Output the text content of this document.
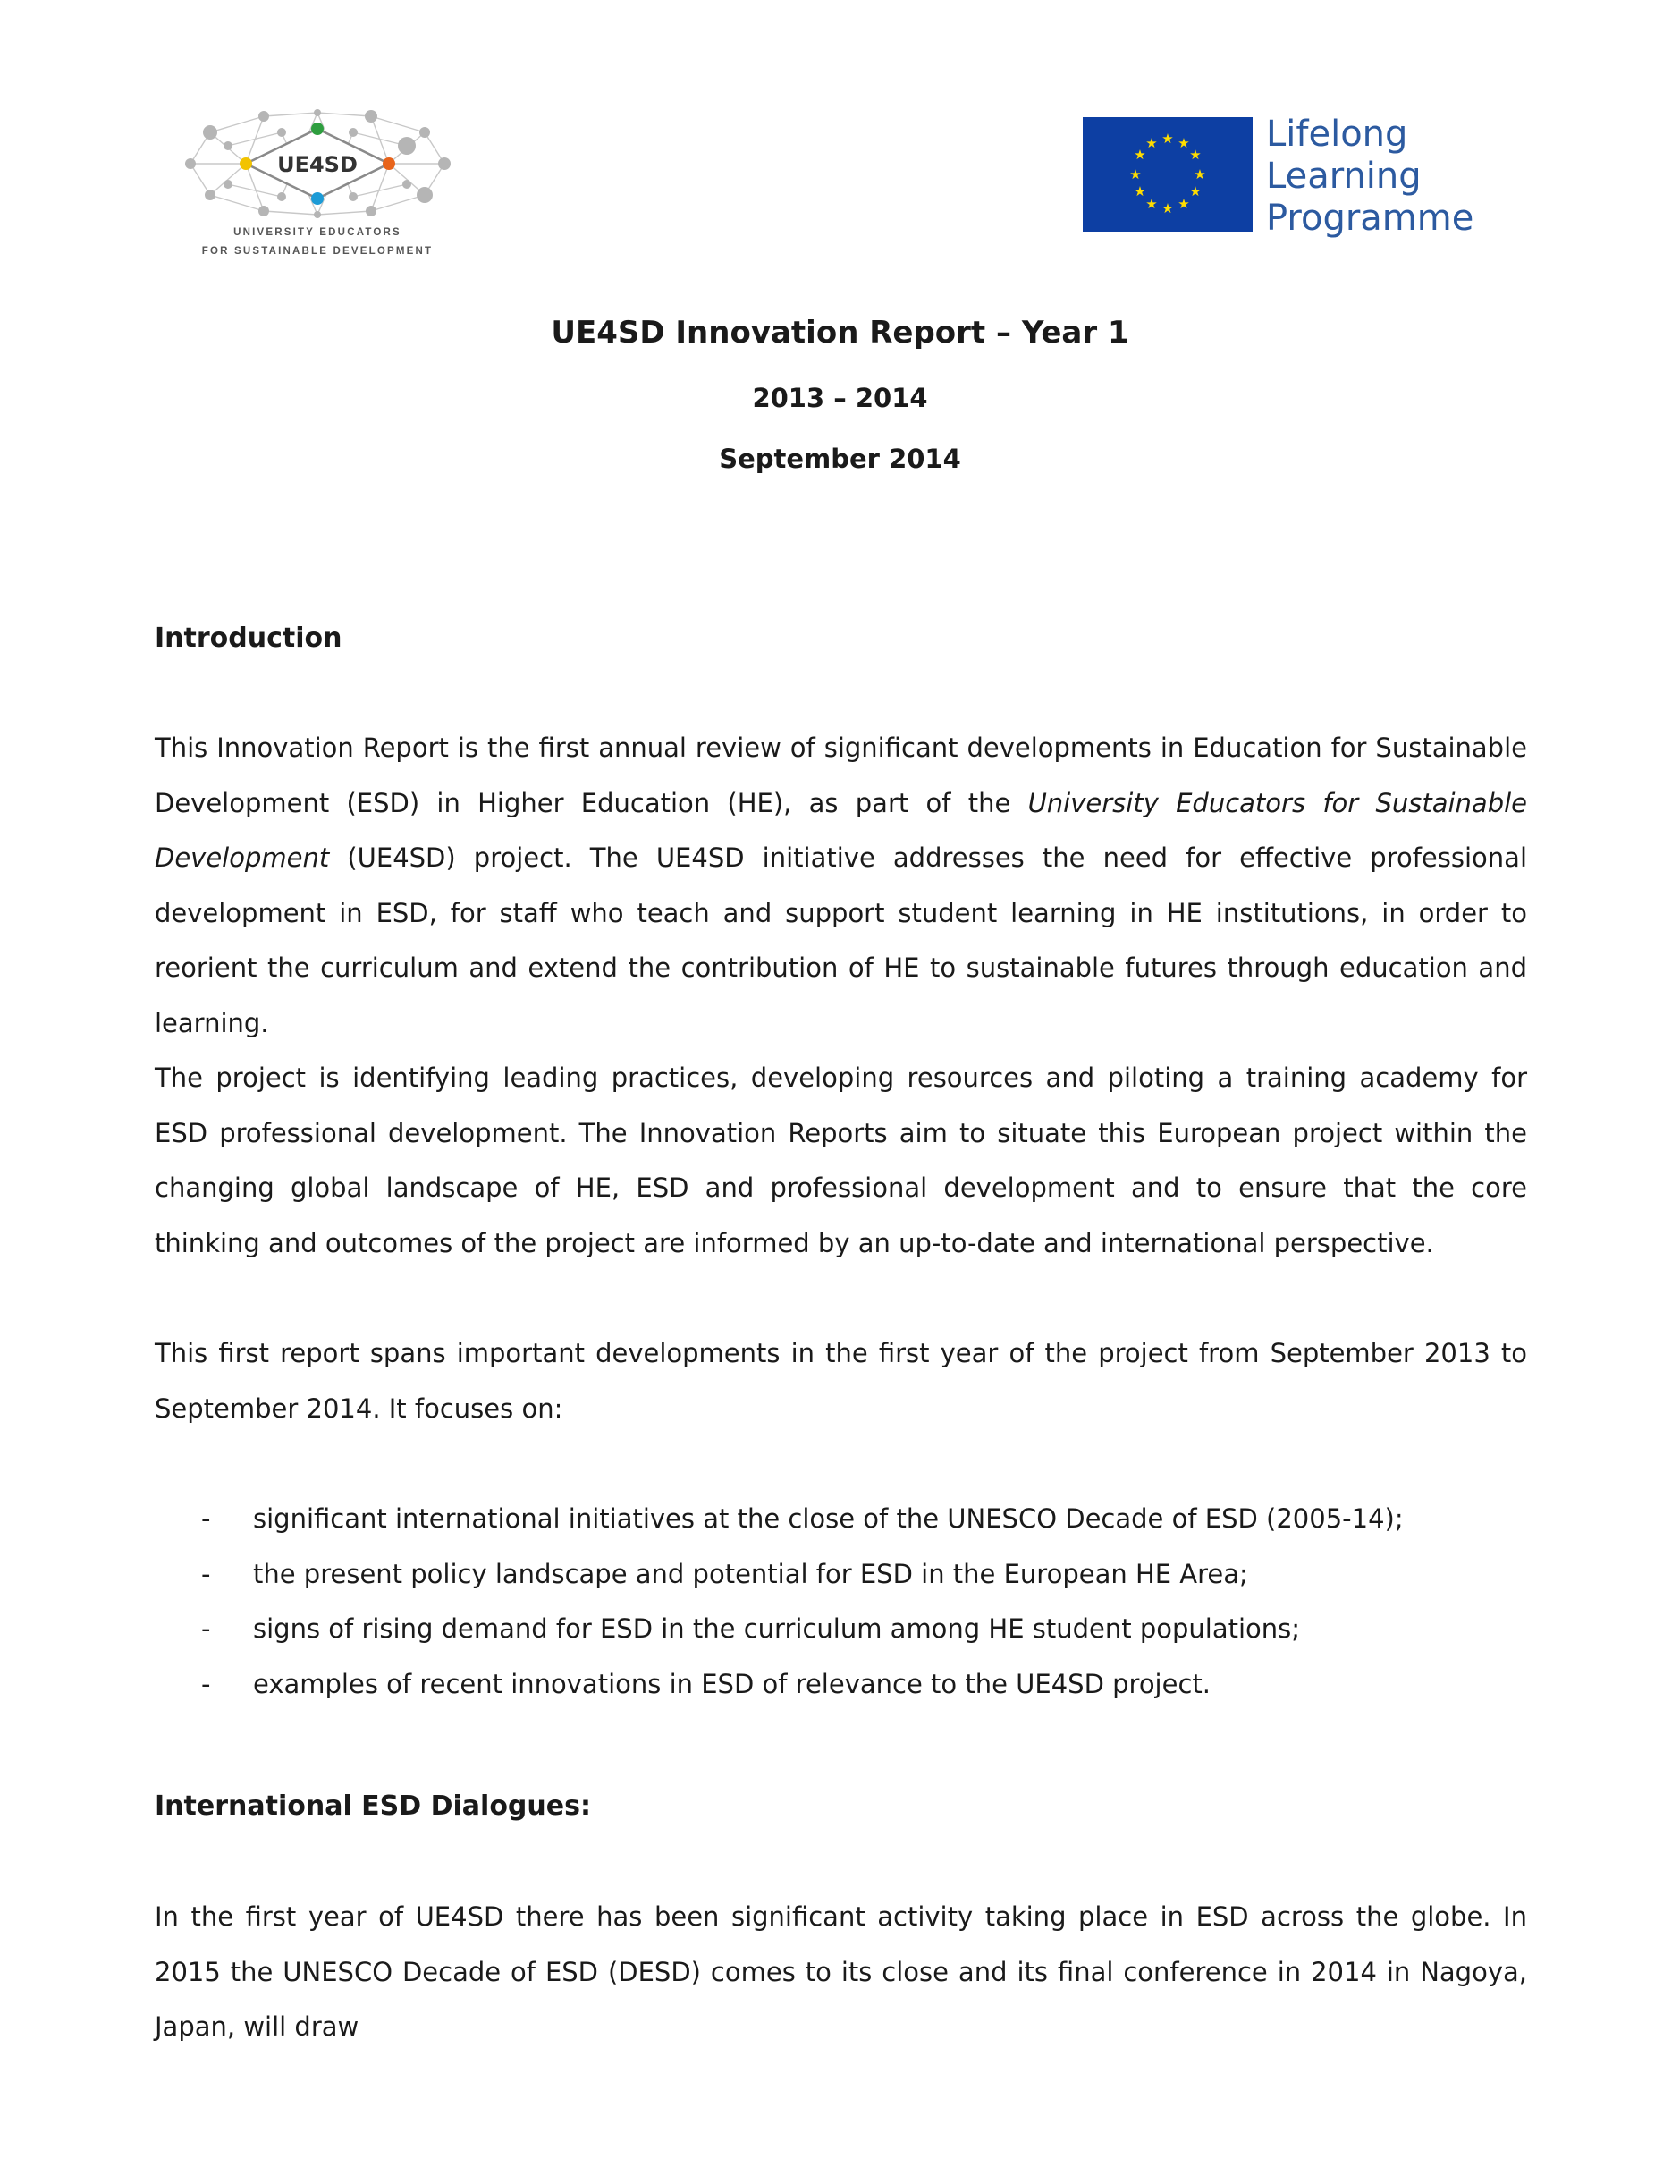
UE4SD
UNIVERSITY EDUCATORS
FOR SUSTAINABLE DEVELOPMENT
★ ★
★
★
★
★
★
★
★
★
★
★	Lifelong
Learning
Programme
UE4SD Innovation Report – Year 1
2013 – 2014
September 2014
Introduction

This Innovation Report is the first annual review of significant developments in Education for Sustainable Development (ESD) in Higher Education (HE), as part of the University Educators for Sustainable Development (UE4SD) project. The UE4SD initiative addresses the need for effective professional development in ESD, for staff who teach and support student learning in HE institutions, in order to reorient the curriculum and extend the contribution of HE to sustainable futures through education and learning.

The project is identifying leading practices, developing resources and piloting a training academy for ESD professional development. The Innovation Reports aim to situate this European project within the changing global landscape of HE, ESD and professional development and to ensure that the core thinking and outcomes of the project are informed by an up-to-date and international perspective.

This first report spans important developments in the first year of the project from September 2013 to September 2014. It focuses on:

- significant international initiatives at the close of the UNESCO Decade of ESD (2005-14);
- the present policy landscape and potential for ESD in the European HE Area;
- signs of rising demand for ESD in the curriculum among HE student populations;
- examples of recent innovations in ESD of relevance to the UE4SD project.
International ESD Dialogues:

In the first year of UE4SD there has been significant activity taking place in ESD across the globe. In 2015 the UNESCO Decade of ESD (DESD) comes to its close and its final conference in 2014 in Nagoya, Japan, will draw
